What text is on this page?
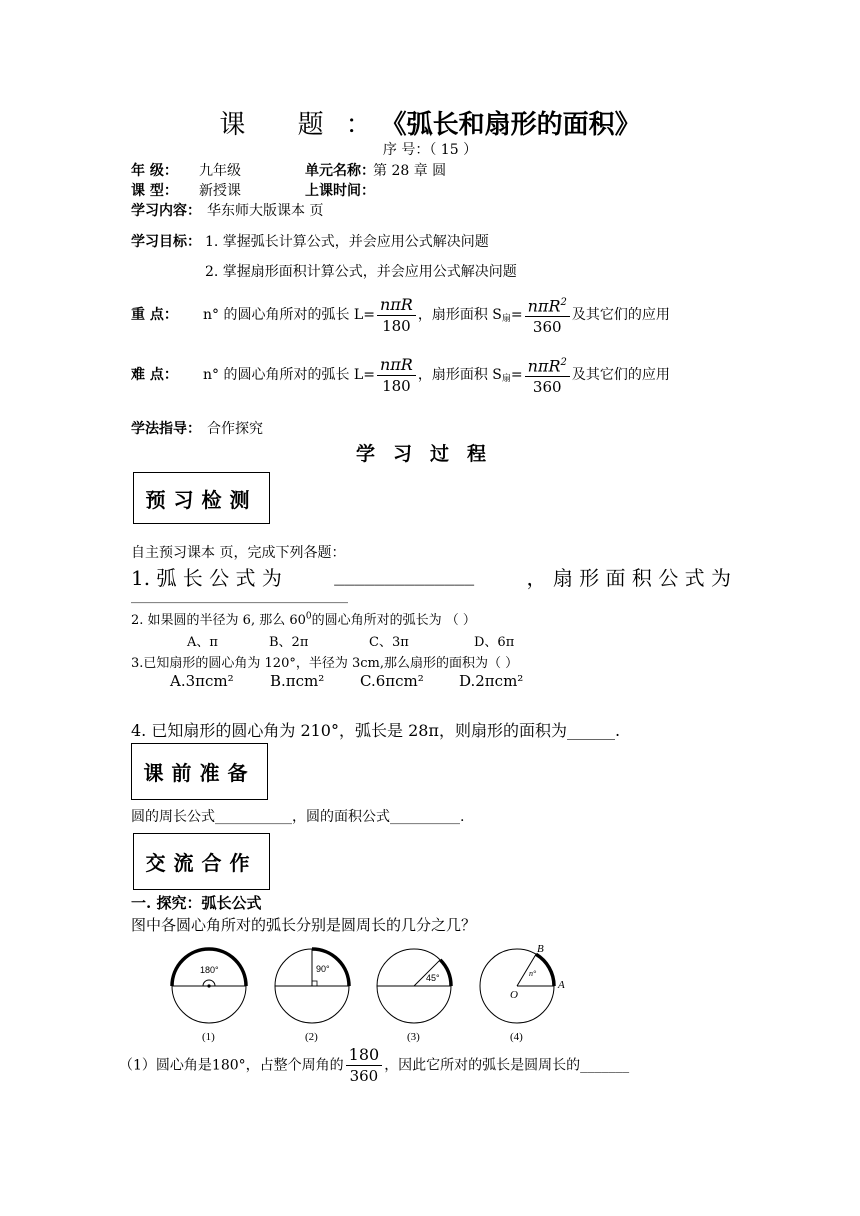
课 题：《弧长和扇形的面积》
序 号：（ 15 ）
年 级： 九年级	单元名称：
第 28 章 圆
课 型： 新授课	上课时间：
学习内容： 华东师大版课本 页
学习目标： 1. 掌握弧长计算公式，并会应用公式解决问题
2. 掌握扇形面积计算公式，并会应用公式解决问题
重 点： n° 的圆心角所对的弧长 $L= \frac{\text{nπR}}{180}$ ，扇形面积 $S_扇= \frac{n\pi R^2}{360}$ 及其它们的应用
难 点： n° 的圆心角所对的弧长 $L= \frac{\text{nπR}}{180}$ ，扇形面积 $S_扇= \frac{n\pi R^2}{360}$ 及其它们的应用
学法指导： 合作探究
学习过程
预习检测
自主预习课本 页，完成下列各题：
1. 弧 长 公 式 为	______________	， 扇 形 面 积 公 式 为
_______________________________
2. 如果圆的半径为 6, 那么 $60^0$的圆心角所对的弧长为 （ ）
A、π	B、2π	C、3π	D、6π
3.已知扇形的圆心角为 120°，半径为 3cm,那么扇形的面积为（ ）
A.3πcm² B.πcm² C.6πcm² D.2πcm²
4. 已知扇形的圆心角为 210°，弧长是 28π，则扇形的面积为______.
课前准备
圆的周长公式___________，圆的面积公式__________.
交流合作
一. 探究：弧长公式
图中各圆心角所对的弧长分别是圆周长的几分之几？
180°
(1)
90°
(2)
45°
(3)
n°
B
O
A
(4)
（1）圆心角是180°，占整个周角的 $\frac{180}{360}$ ，因此它所对的弧长是圆周长的_______
